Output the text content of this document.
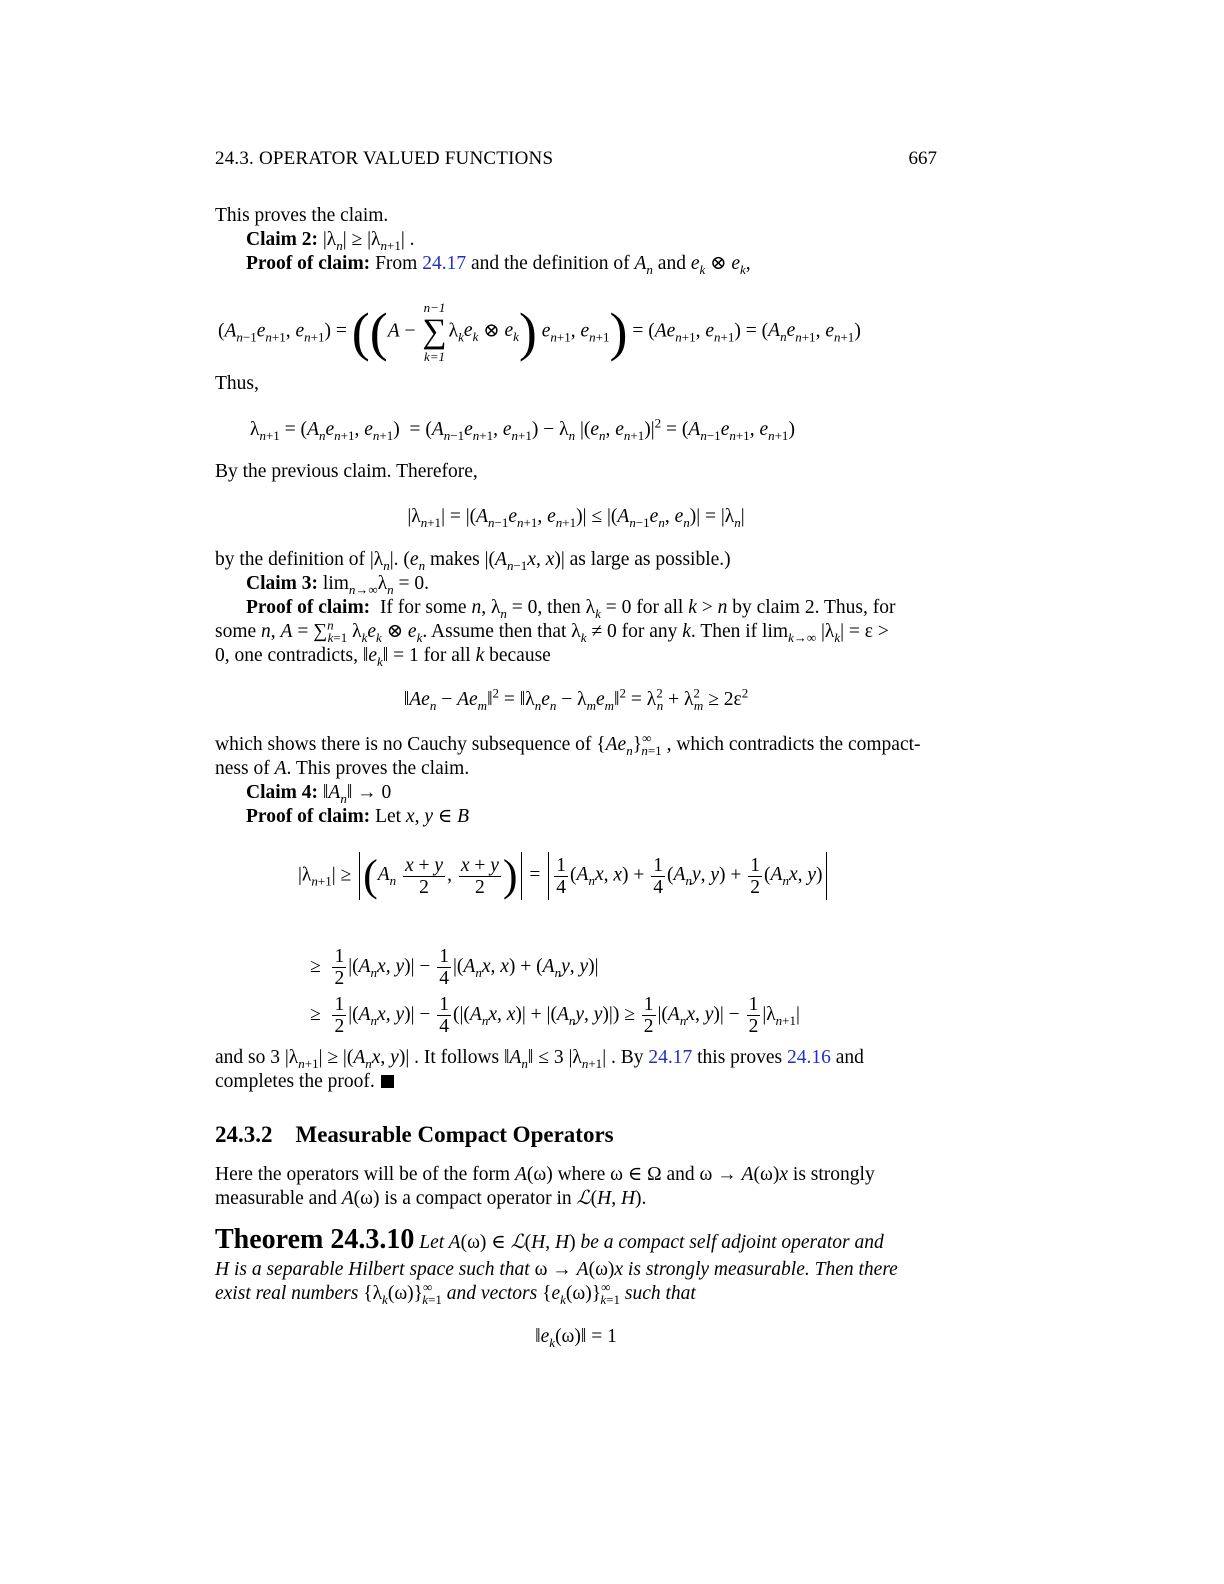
24.3. OPERATOR VALUED FUNCTIONS	667
This proves the claim.
Claim 2: $|\lambda_n| \ge |\lambda_{n+1}|$ .
Proof of claim: From 24.17 and the definition of $A_n$ and $e_k$ ⊗ $e_k$,
($A_{n-1}e_{n+1}$, $e_{n+1}) = ((A$ −
n−1
∑
k=1
$\lambda_ke_k$ ⊗ $e_k$) $e_{n+1}$, $e_{n+1}) = (Ae_{n+1}$, $e_{n+1}) = (A_ne_{n+1}$, $e_{n+1}$)
Thus,
$\lambda_{n+1} = (A_ne_{n+1}$, $e_{n+1}) = (A_{n-1}e_{n+1}$, $e_{n+1}) - \lambda_n$ $|(e_n$, $e_{n+1})|^2 = (A_{n-1}e_{n+1}$, $e_{n+1}$)
By the previous claim. Therefore,
$|\lambda_{n+1}| = |(A_{n-1}e_{n+1}$, $e_{n+1})| \le |(A_{n-1}e_n$, $e_n)| = |\lambda_n|$
by the definition of $|\lambda_n|$. ($e_n$ makes $|(A_{n-1}x$, x)| as large as possible.)
Claim 3: $\lim_{n\to\infty}\lambda_n = 0$.
Proof of claim:  If for some n, $\lambda_n = 0$, then $\lambda_k = 0$ for all k > n by claim 2. Thus, for
some n, A = ∑$^n_{k=1}$ $\lambda_ke_k$ ⊗ $e_k$. Assume then that $\lambda_k \ne 0$ for any k. Then if $\lim_{k\to\infty} |\lambda_k| = \varepsilon$ >
0, one contradicts, $‖e_k‖ = 1$ for all k because
$‖Ae_n$ − $Ae_m‖^2$ = $‖\lambda_ne_n$ − $\lambda_me_m‖^2 = \lambda^2_n + \lambda^2_m \ge 2\varepsilon^2$
which shows there is no Cauchy subsequence of $\{Ae_n\}^\infty_{n=1}$ , which contradicts the compact-
ness of A. This proves the claim.
Claim 4: $‖A_n‖ \to 0$
Proof of claim: Let x, y ∈ B
$|\lambda_{n+1}| \ge (A_n \frac{x + y}{2}$ , $\frac{x + y}{2}$ ) = $\frac{1}{4} (A_nx$, $x) + \frac{1}{4} (A_ny$, $y) + \frac{1}{2} (A_nx$, y)
≥ $\frac{1}{2} |(A_nx$, $y)| - \frac{1}{4} |(A_nx$, $x) + (A_ny$, y)|
≥ $\frac{1}{2} |(A_nx$, $y)| - \frac{1}{4} (|(A_nx$, $x)| + |(A_ny$, $y)|) \ge \frac{1}{2} |(A_nx$, $y)| - \frac{1}{2} |\lambda_{n+1}|$
and so 3 $|\lambda_{n+1}| \ge |(A_nx$, y)| . It follows $‖A_n‖ \le 3$ $|\lambda_{n+1}|$ . By 24.17 this proves 24.16 and
completes the proof.
24.3.2 Measurable Compact Operators
Here the operators will be of the form A(ω) where ω ∈ Ω and ω → A(ω)x is strongly
measurable and A(ω) is a compact operator in ℒ(H, H).
Theorem 24.3.10 Let A(ω) ∈ ℒ(H, H) be a compact self adjoint operator and
H is a separable Hilbert space such that ω → A(ω)x is strongly measurable. Then there
exist real numbers $\{\lambda_k(\omega)\}^\infty_{k=1}$ and vectors $\{e_k(\omega)\}^\infty_{k=1}$ such that
$‖e_k(\omega)‖ = 1$
